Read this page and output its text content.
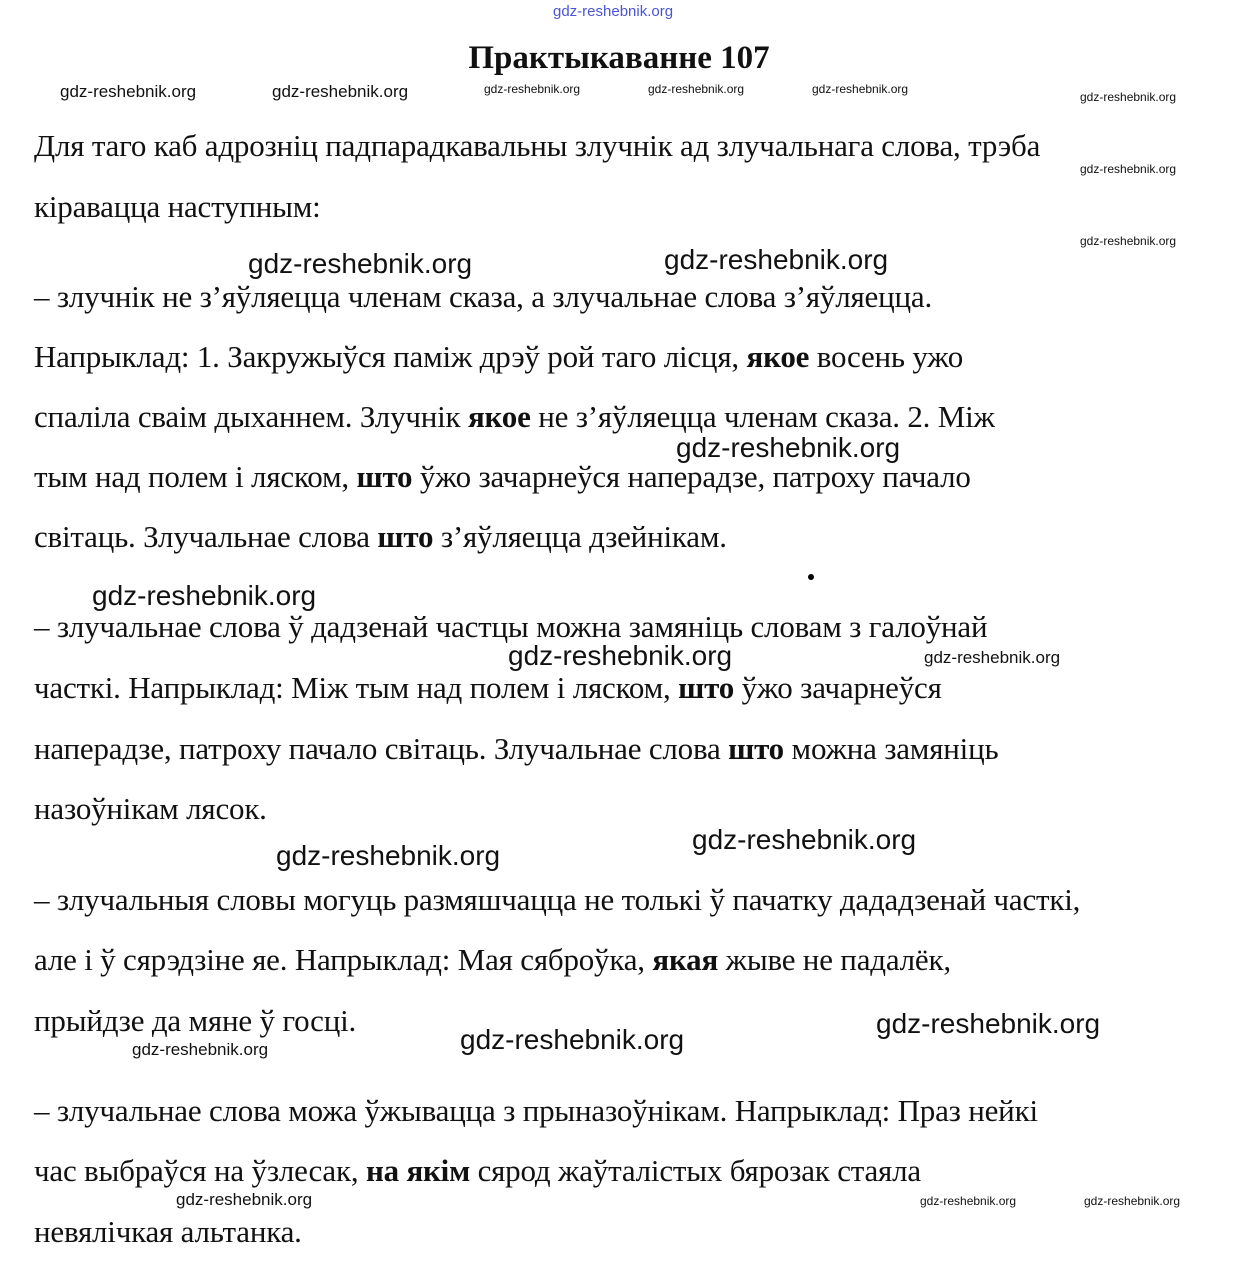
gdz-reshebnik.org
Практыкаванне 107
gdz-reshebnik.org	gdz-reshebnik.org	gdz-reshebnik.org	gdz-reshebnik.org	gdz-reshebnik.org
gdz-reshebnik.org
gdz-reshebnik.org
gdz-reshebnik.org
gdz-reshebnik.org	gdz-reshebnik.org
gdz-reshebnik.org
gdz-reshebnik.org
gdz-reshebnik.org	gdz-reshebnik.org
gdz-reshebnik.org
gdz-reshebnik.org
gdz-reshebnik.org
gdz-reshebnik.org
gdz-reshebnik.org
gdz-reshebnik.org	gdz-reshebnik.org	gdz-reshebnik.org
Для таго каб адрозніц падпарадкавальны злучнік ад злучальнага слова, трэба
кіравацца наступным:
– злучнік не з’яўляецца членам сказа, а злучальнае слова з’яўляецца.
Напрыклад: 1. Закружыўся паміж дрэў рой таго лісця, якое восень ужо
спаліла сваім дыханнем. Злучнік якое не з’яўляецца членам сказа. 2. Між
тым над полем і ляском, што ўжо зачарнеўся наперадзе, патроху пачало
світаць. Злучальнае слова што з’яўляецца дзейнікам.
– злучальнае слова ў дадзенай частцы можна замяніць словам з галоўнай
часткі. Напрыклад: Між тым над полем і ляском, што ўжо зачарнеўся
наперадзе, патроху пачало світаць. Злучальнае слова што можна замяніць
назоўнікам лясок.
– злучальныя словы могуць размяшчацца не толькі ў пачатку дададзенай часткі,
але і ў сярэдзіне яе. Напрыклад: Мая сяброўка, якая жыве не падалёк,
прыйдзе да мяне ў госці.
– злучальнае слова можа ўжывацца з прыназоўнікам. Напрыклад: Праз нейкі
час выбраўся на ўзлесак, на якім сярод жаўталістых бярозак стаяла
невялічкая альтанка.
